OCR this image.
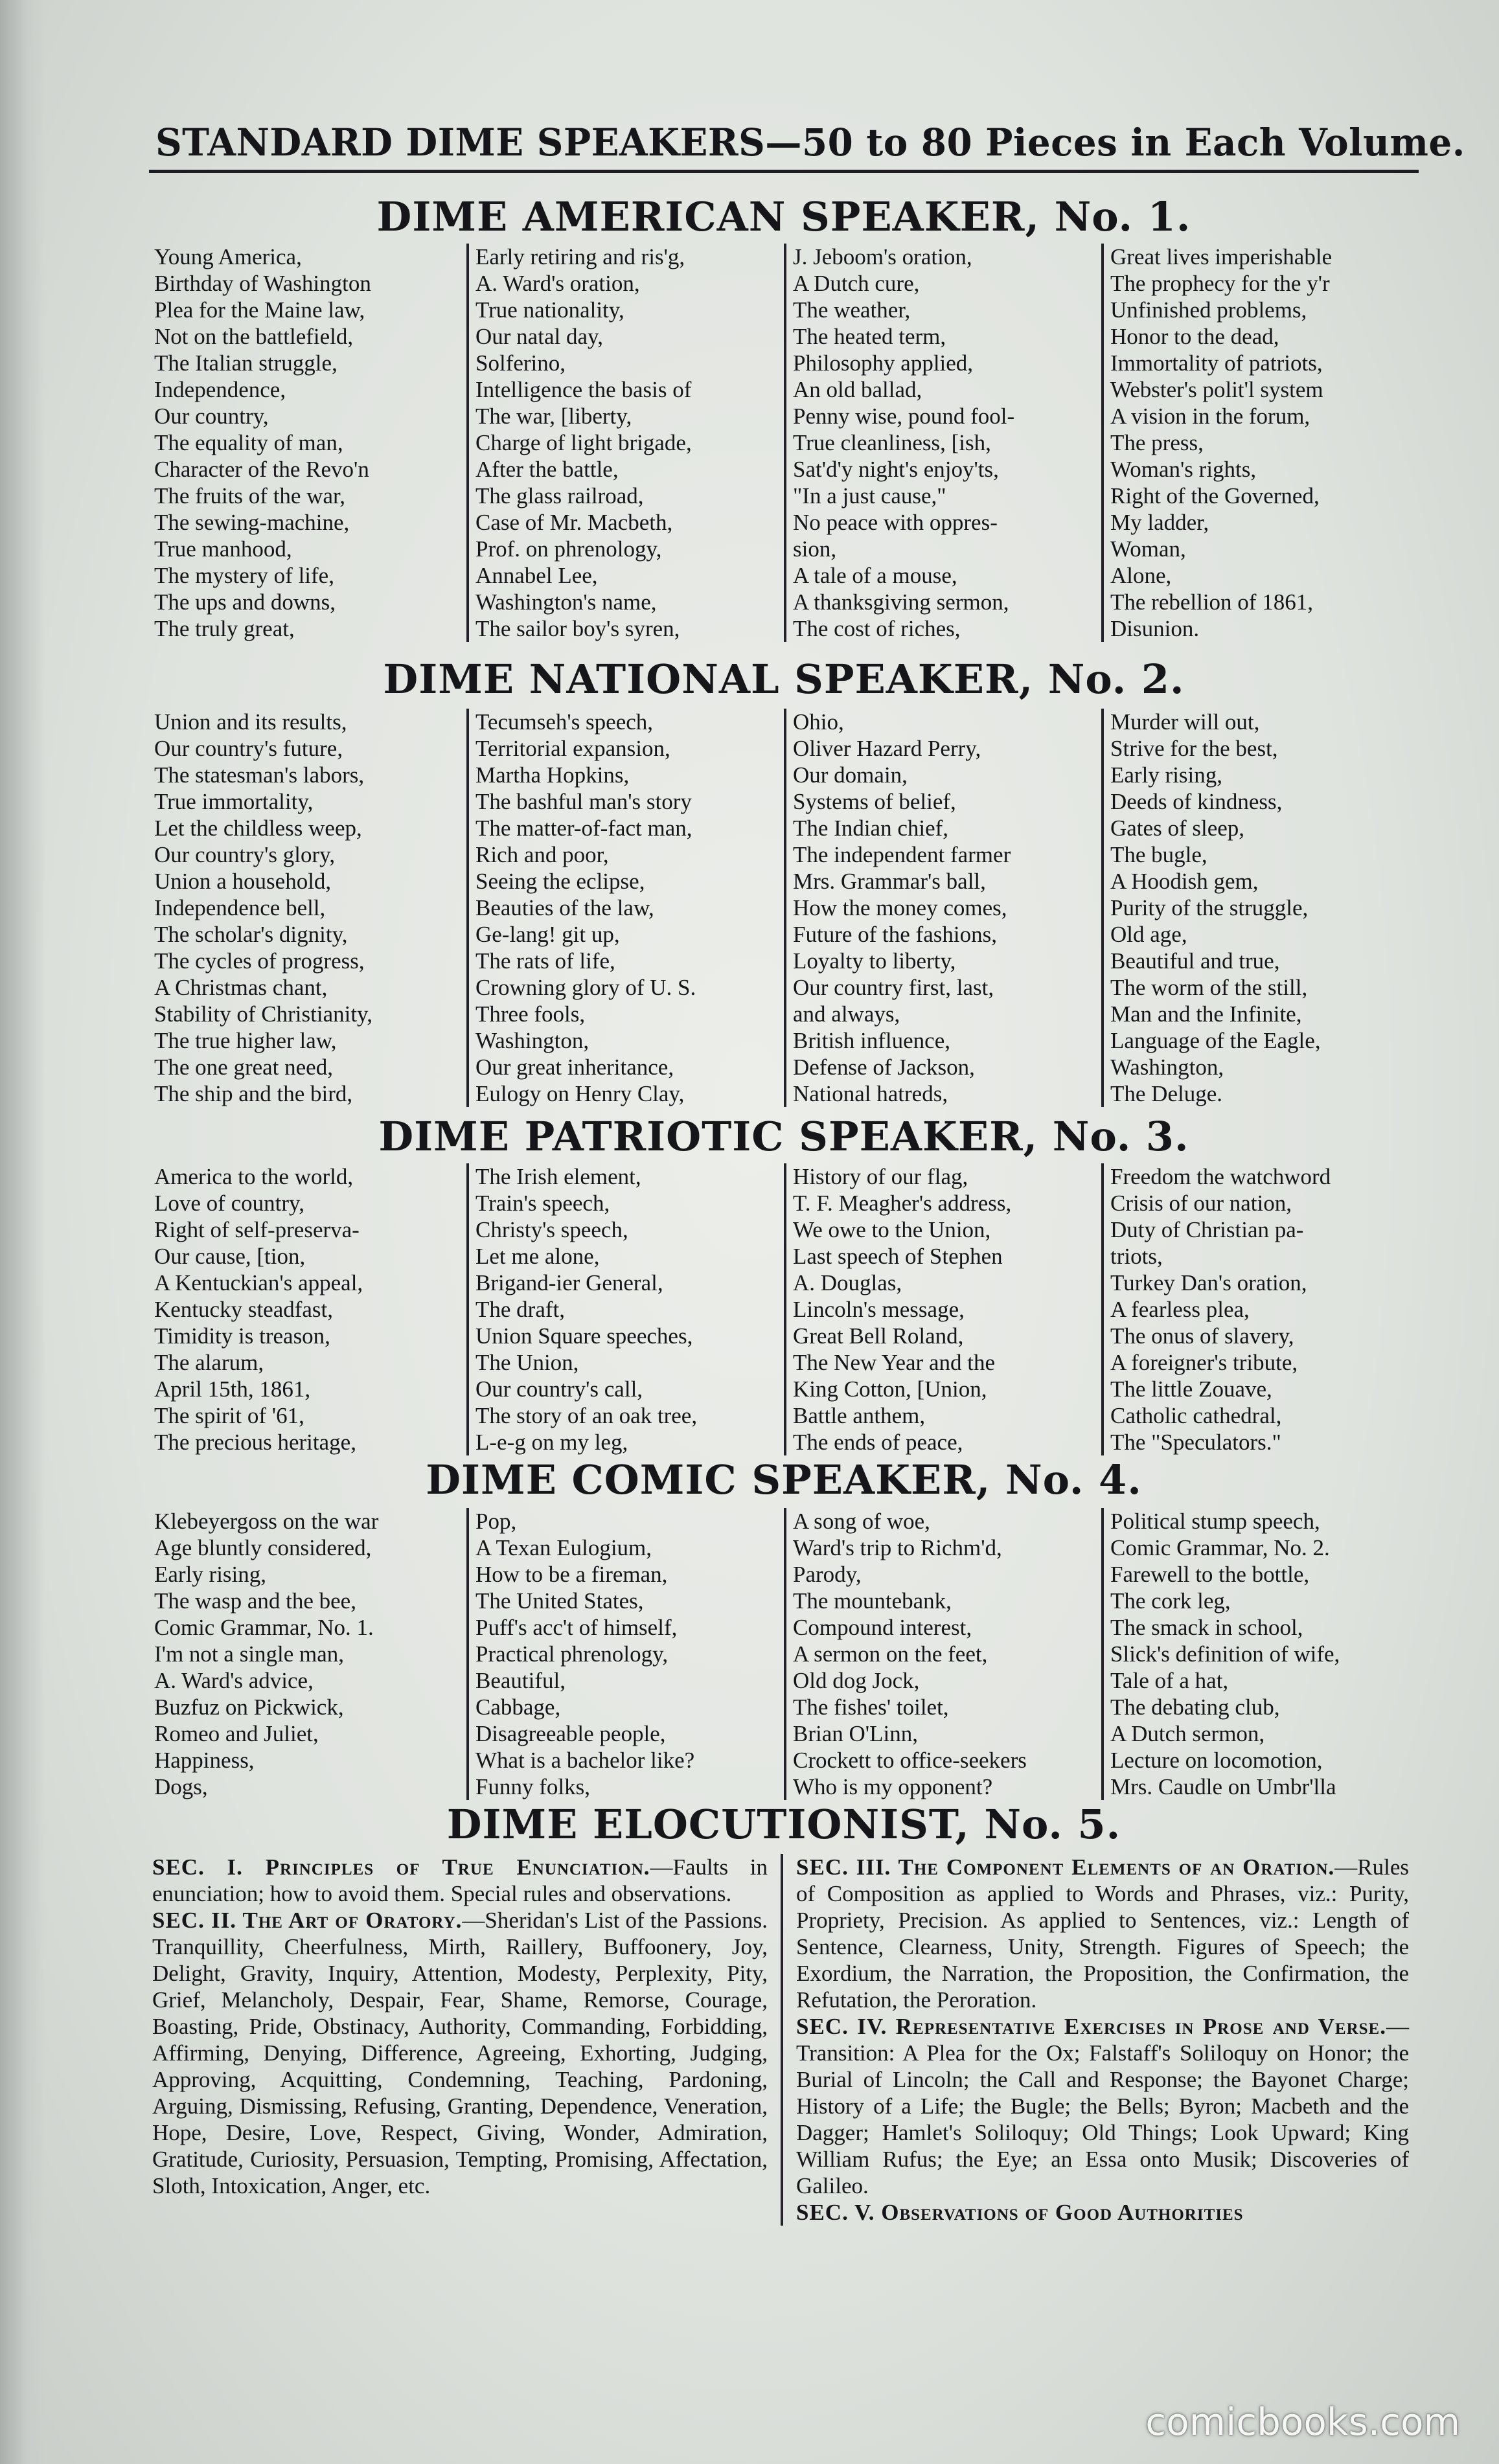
STANDARD DIME SPEAKERS—50 to 80 Pieces in Each Volume.
DIME AMERICAN SPEAKER, No. 1.
Young America,
Birthday of Washington
Plea for the Maine law,
Not on the battlefield,
The Italian struggle,
Independence,
Our country,
The equality of man,
Character of the Revo'n
The fruits of the war,
The sewing-machine,
True manhood,
The mystery of life,
The ups and downs,
The truly great,
Early retiring and ris'g,
A. Ward's oration,
True nationality,
Our natal day,
Solferino,
Intelligence the basis of
The war, [liberty,
Charge of light brigade,
After the battle,
The glass railroad,
Case of Mr. Macbeth,
Prof. on phrenology,
Annabel Lee,
Washington's name,
The sailor boy's syren,
J. Jeboom's oration,
A Dutch cure,
The weather,
The heated term,
Philosophy applied,
An old ballad,
Penny wise, pound fool-
True cleanliness, [ish,
Sat'd'y night's enjoy'ts,
"In a just cause,"
No peace with oppres-
sion,
A tale of a mouse,
A thanksgiving sermon,
The cost of riches,
Great lives imperishable
The prophecy for the y'r
Unfinished problems,
Honor to the dead,
Immortality of patriots,
Webster's polit'l system
A vision in the forum,
The press,
Woman's rights,
Right of the Governed,
My ladder,
Woman,
Alone,
The rebellion of 1861,
Disunion.
DIME NATIONAL SPEAKER, No. 2.
Union and its results,
Our country's future,
The statesman's labors,
True immortality,
Let the childless weep,
Our country's glory,
Union a household,
Independence bell,
The scholar's dignity,
The cycles of progress,
A Christmas chant,
Stability of Christianity,
The true higher law,
The one great need,
The ship and the bird,
Tecumseh's speech,
Territorial expansion,
Martha Hopkins,
The bashful man's story
The matter-of-fact man,
Rich and poor,
Seeing the eclipse,
Beauties of the law,
Ge-lang! git up,
The rats of life,
Crowning glory of U. S.
Three fools,
Washington,
Our great inheritance,
Eulogy on Henry Clay,
Ohio,
Oliver Hazard Perry,
Our domain,
Systems of belief,
The Indian chief,
The independent farmer
Mrs. Grammar's ball,
How the money comes,
Future of the fashions,
Loyalty to liberty,
Our country first, last,
and always,
British influence,
Defense of Jackson,
National hatreds,
Murder will out,
Strive for the best,
Early rising,
Deeds of kindness,
Gates of sleep,
The bugle,
A Hoodish gem,
Purity of the struggle,
Old age,
Beautiful and true,
The worm of the still,
Man and the Infinite,
Language of the Eagle,
Washington,
The Deluge.
DIME PATRIOTIC SPEAKER, No. 3.
America to the world,
Love of country,
Right of self-preserva-
Our cause, [tion,
A Kentuckian's appeal,
Kentucky steadfast,
Timidity is treason,
The alarum,
April 15th, 1861,
The spirit of '61,
The precious heritage,
The Irish element,
Train's speech,
Christy's speech,
Let me alone,
Brigand-ier General,
The draft,
Union Square speeches,
The Union,
Our country's call,
The story of an oak tree,
L-e-g on my leg,
History of our flag,
T. F. Meagher's address,
We owe to the Union,
Last speech of Stephen
A. Douglas,
Lincoln's message,
Great Bell Roland,
The New Year and the
King Cotton, [Union,
Battle anthem,
The ends of peace,
Freedom the watchword
Crisis of our nation,
Duty of Christian pa-
triots,
Turkey Dan's oration,
A fearless plea,
The onus of slavery,
A foreigner's tribute,
The little Zouave,
Catholic cathedral,
The "Speculators."
DIME COMIC SPEAKER, No. 4.
Klebeyergoss on the war
Age bluntly considered,
Early rising,
The wasp and the bee,
Comic Grammar, No. 1.
I'm not a single man,
A. Ward's advice,
Buzfuz on Pickwick,
Romeo and Juliet,
Happiness,
Dogs,
Pop,
A Texan Eulogium,
How to be a fireman,
The United States,
Puff's acc't of himself,
Practical phrenology,
Beautiful,
Cabbage,
Disagreeable people,
What is a bachelor like?
Funny folks,
A song of woe,
Ward's trip to Richm'd,
Parody,
The mountebank,
Compound interest,
A sermon on the feet,
Old dog Jock,
The fishes' toilet,
Brian O'Linn,
Crockett to office-seekers
Who is my opponent?
Political stump speech,
Comic Grammar, No. 2.
Farewell to the bottle,
The cork leg,
The smack in school,
Slick's definition of wife,
Tale of a hat,
The debating club,
A Dutch sermon,
Lecture on locomotion,
Mrs. Caudle on Umbr'lla
DIME ELOCUTIONIST, No. 5.
SEC. I. Principles of True Enunciation.—Faults in enunciation; how to avoid them. Special rules and observations.
SEC. II. The Art of Oratory.—Sheridan's List of the Passions. Tranquillity, Cheerfulness, Mirth, Raillery, Buffoonery, Joy, Delight, Gravity, Inquiry, Attention, Modesty, Perplexity, Pity, Grief, Melancholy, Despair, Fear, Shame, Remorse, Courage, Boasting, Pride, Obstinacy, Authority, Commanding, Forbidding, Affirming, Denying, Difference, Agreeing, Exhorting, Judging, Approving, Acquitting, Condemning, Teaching, Pardoning, Arguing, Dismissing, Refusing, Granting, Dependence, Veneration, Hope, Desire, Love, Respect, Giving, Wonder, Admiration, Gratitude, Curiosity, Persuasion, Tempting, Promising, Affectation, Sloth, Intoxication, Anger, etc.
SEC. III. The Component Elements of an Oration.—Rules of Composition as applied to Words and Phrases, viz.: Purity, Propriety, Precision. As applied to Sentences, viz.: Length of Sentence, Clearness, Unity, Strength. Figures of Speech; the Exordium, the Narration, the Proposition, the Confirmation, the Refutation, the Peroration.
SEC. IV. Representative Exercises in Prose and Verse.—Transition: A Plea for the Ox; Falstaff's Soliloquy on Honor; the Burial of Lincoln; the Call and Response; the Bayonet Charge; History of a Life; the Bugle; the Bells; Byron; Macbeth and the Dagger; Hamlet's Soliloquy; Old Things; Look Upward; King William Rufus; the Eye; an Essa onto Musik; Discoveries of Galileo.
SEC. V. Observations of Good Authorities
comicbooks.com
